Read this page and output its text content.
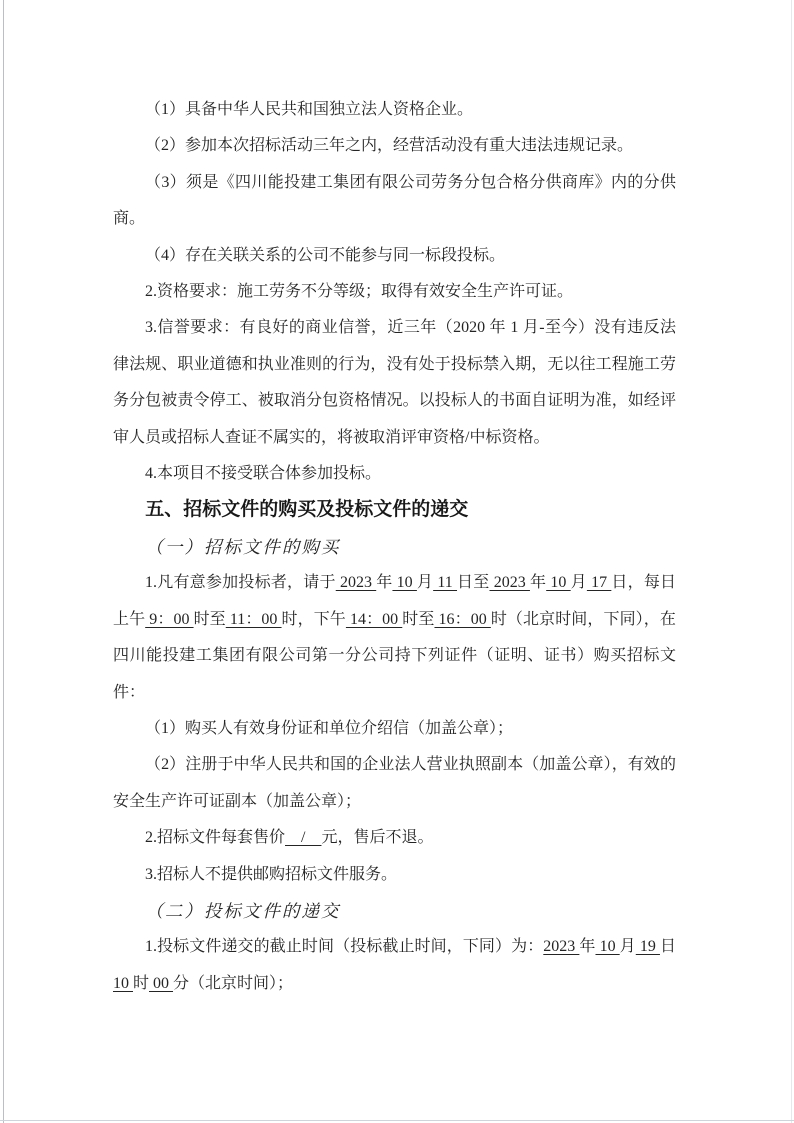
（1）具备中华人民共和国独立法人资格企业。

（2）参加本次招标活动三年之内，经营活动没有重大违法违规记录。

（3）须是《四川能投建工集团有限公司劳务分包合格分供商库》内的分供商。

（4）存在关联关系的公司不能参与同一标段投标。

2.资格要求：施工劳务不分等级；取得有效安全生产许可证。

3.信誉要求：有良好的商业信誉，近三年（2020 年 1 月-至今）没有违反法律法规、职业道德和执业准则的行为，没有处于投标禁入期，无以往工程施工劳务分包被责令停工、被取消分包资格情况。以投标人的书面自证明为准，如经评审人员或招标人查证不属实的，将被取消评审资格/中标资格。

4.本项目不接受联合体参加投标。

五、招标文件的购买及投标文件的递交

（一）招标文件的购买

1.凡有意参加投标者，请于 2023 年 10 月 11 日至 2023 年 10 月 17 日，每日上午 9：00 时至 11：00 时，下午 14：00 时至 16：00 时（北京时间，下同），在四川能投建工集团有限公司第一分公司持下列证件（证明、证书）购买招标文件：

（1）购买人有效身份证和单位介绍信（加盖公章）；

（2）注册于中华人民共和国的企业法人营业执照副本（加盖公章），有效的安全生产许可证副本（加盖公章）；

2.招标文件每套售价　/　元，售后不退。

3.招标人不提供邮购招标文件服务。

（二）投标文件的递交

1.投标文件递交的截止时间（投标截止时间，下同）为：2023 年 10 月 19 日 10 时 00 分（北京时间）；
